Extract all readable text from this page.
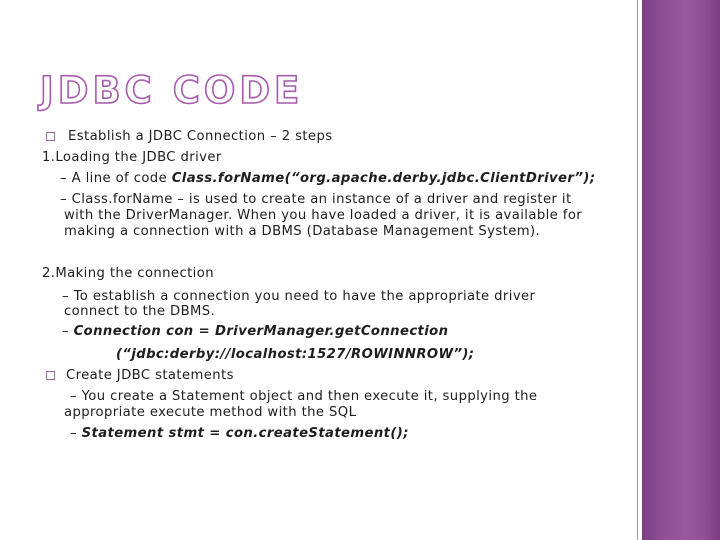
JDBC CODE
Establish a JDBC Connection – 2 steps
1.Loading the JDBC driver
– A line of code Class.forName(“org.apache.derby.jdbc.ClientDriver”);
– Class.forName – is used to create an instance of a driver and register it
with the DriverManager. When you have loaded a driver, it is available for
making a connection with a DBMS (Database Management System).
2.Making the connection
– To establish a connection you need to have the appropriate driver
connect to the DBMS.
– Connection con = DriverManager.getConnection
(“jdbc:derby://localhost:1527/ROWINNROW”);
Create JDBC statements
– You create a Statement object and then execute it, supplying the
appropriate execute method with the SQL
– Statement stmt = con.createStatement();
